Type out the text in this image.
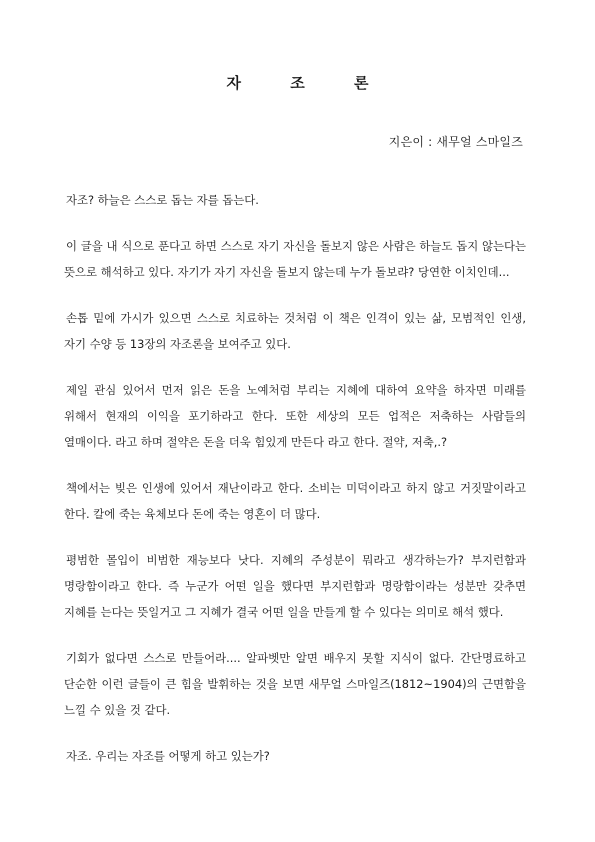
자 조 론
지은이 : 새무얼 스마일즈

자조? 하늘은 스스로 돕는 자를 돕는다.

이 글을 내 식으로 푼다고 하면 스스로 자기 자신을 돌보지 않은 사람은 하늘도 돕지 않는다는 뜻으로 해석하고 있다. 자기가 자기 자신을 돌보지 않는데 누가 돌보랴? 당연한 이치인데...

손톱 밑에 가시가 있으면 스스로 치료하는 것처럼 이 책은 인격이 있는 삶, 모범적인 인생, 자기 수양 등 13장의 자조론을 보여주고 있다.

제일 관심 있어서 먼저 읽은 돈을 노예처럼 부리는 지혜에 대하여 요약을 하자면 미래를 위해서 현재의 이익을 포기하라고 한다. 또한 세상의 모든 업적은 저축하는 사람들의 열매이다. 라고 하며 절약은 돈을 더욱 힘있게 만든다 라고 한다. 절약, 저축,.?

책에서는 빚은 인생에 있어서 재난이라고 한다. 소비는 미덕이라고 하지 않고 거짓말이라고 한다. 칼에 죽는 육체보다 돈에 죽는 영혼이 더 많다.

평범한 몰입이 비범한 재능보다 낫다. 지혜의 주성분이 뭐라고 생각하는가? 부지런함과 명랑함이라고 한다. 즉 누군가 어떤 일을 했다면 부지런함과 명랑함이라는 성분만 갖추면 지혜를 는다는 뜻일거고 그 지혜가 결국 어떤 일을 만들게 할 수 있다는 의미로 해석 했다.

기회가 없다면 스스로 만들어라.... 알파벳만 알면 배우지 못할 지식이 없다. 간단명료하고 단순한 이런 글들이 큰 힘을 발휘하는 것을 보면 새무얼 스마일즈(1812~1904)의 근면함을 느낄 수 있을 것 같다.

자조. 우리는 자조를 어떻게 하고 있는가?
